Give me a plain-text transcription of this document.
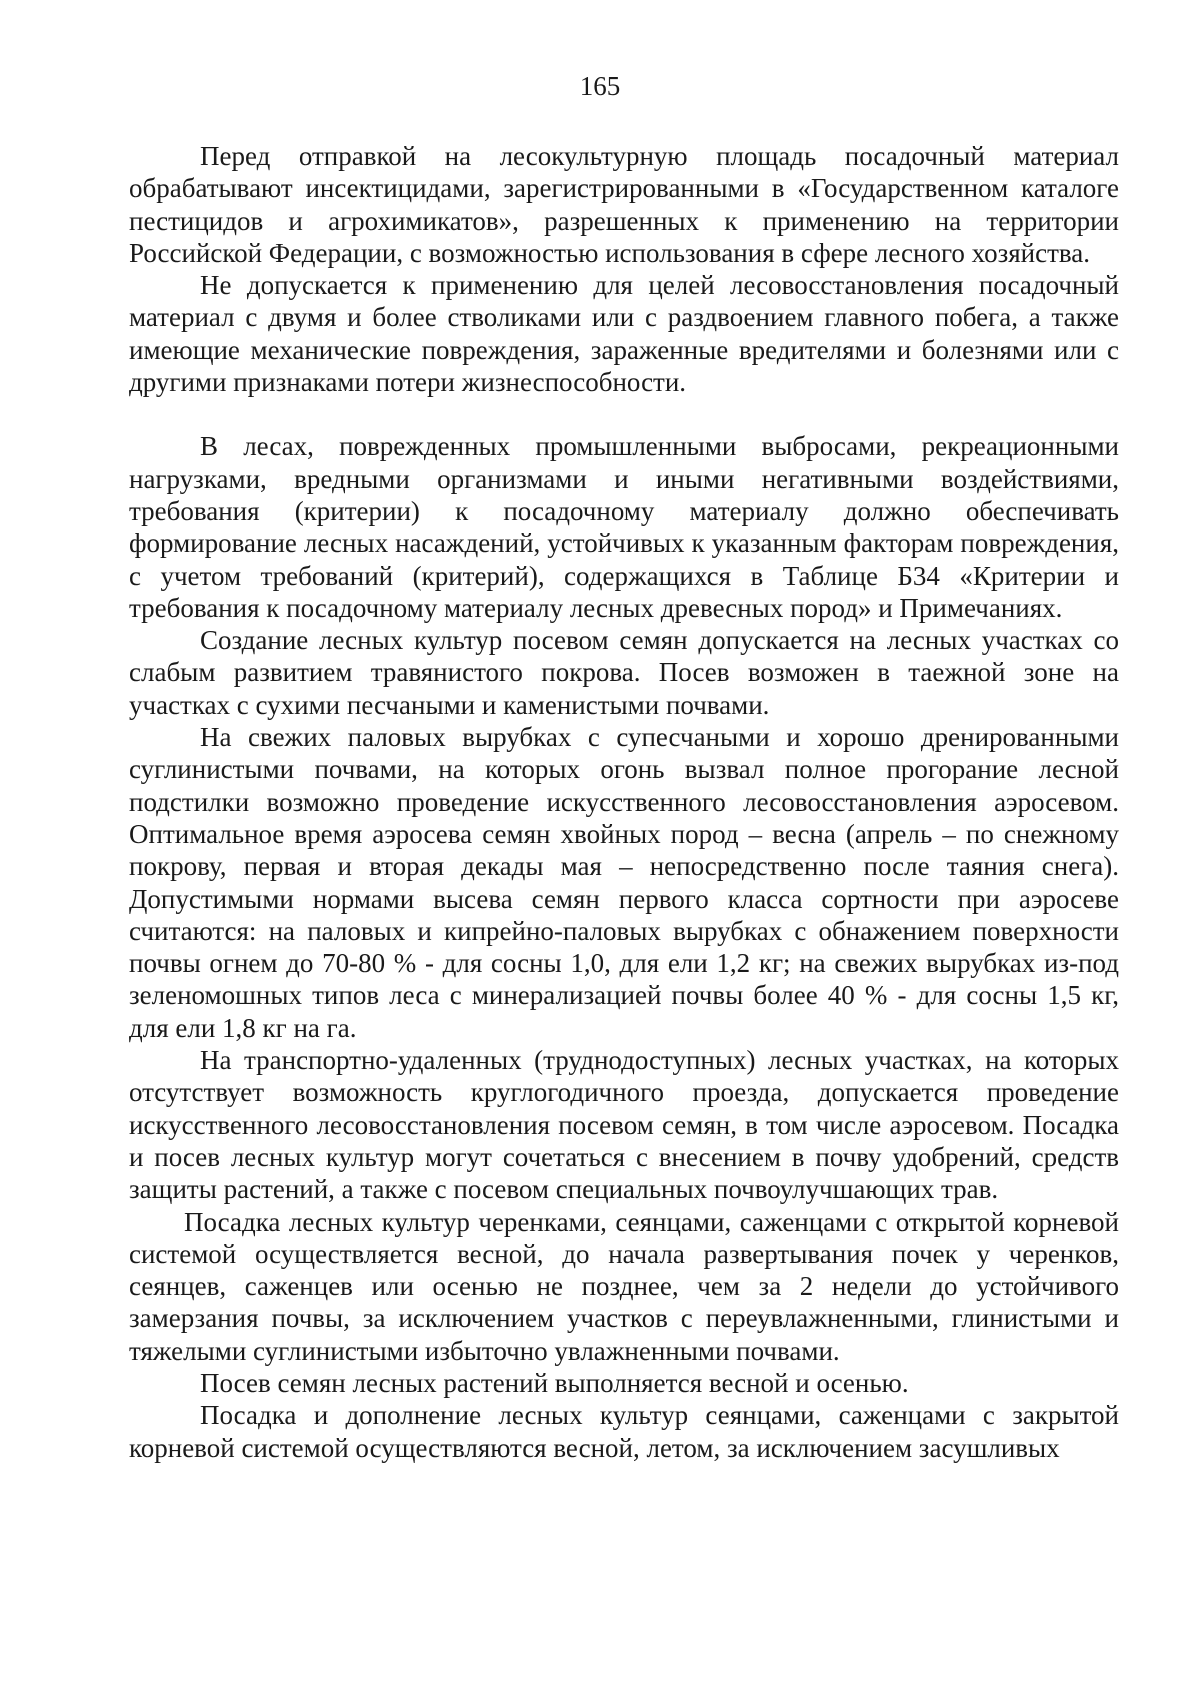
165

Перед отправкой на лесокультурную площадь посадочный материал обрабатывают инсектицидами, зарегистрированными в «Государственном каталоге пестицидов и агрохимикатов», разрешенных к применению на территории Российской Федерации, с возможностью использования в сфере лесного хозяйства.

Не допускается к применению для целей лесовосстановления посадочный материал с двумя и более стволиками или с раздвоением главного побега, а также имеющие механические повреждения, зараженные вредителями и болезнями или с другими признаками потери жизнеспособности.

В лесах, поврежденных промышленными выбросами, рекреационными нагрузками, вредными организмами и иными негативными воздействиями, требования (критерии) к посадочному материалу должно обеспечивать формирование лесных насаждений, устойчивых к указанным факторам повреждения, с учетом требований (критерий), содержащихся в Таблице Б34 «Критерии и требования к посадочному материалу лесных древесных пород» и Примечаниях.

Создание лесных культур посевом семян допускается на лесных участках со слабым развитием травянистого покрова. Посев возможен в таежной зоне на участках с сухими песчаными и каменистыми почвами.

На свежих паловых вырубках с супесчаными и хорошо дренированными суглинистыми почвами, на которых огонь вызвал полное прогорание лесной подстилки возможно проведение искусственного лесовосстановления аэросевом. Оптимальное время аэросева семян хвойных пород – весна (апрель – по снежному покрову, первая и вторая декады мая – непосредственно после таяния снега). Допустимыми нормами высева семян первого класса сортности при аэросеве считаются: на паловых и кипрейно-паловых вырубках с обнажением поверхности почвы огнем до 70-80 % - для сосны 1,0, для ели 1,2 кг; на свежих вырубках из-под зеленомошных типов леса с минерализацией почвы более 40 % - для сосны 1,5 кг, для ели 1,8 кг на га.

На транспортно-удаленных (труднодоступных) лесных участках, на которых отсутствует возможность круглогодичного проезда, допускается проведение искусственного лесовосстановления посевом семян, в том числе аэросевом. Посадка и посев лесных культур могут сочетаться с внесением в почву удобрений, средств защиты растений, а также с посевом специальных почвоулучшающих трав.

Посадка лесных культур черенками, сеянцами, саженцами с открытой корневой системой осуществляется весной, до начала развертывания почек у черенков, сеянцев, саженцев или осенью не позднее, чем за 2 недели до устойчивого замерзания почвы, за исключением участков с переувлажненными, глинистыми и тяжелыми суглинистыми избыточно увлажненными почвами.

Посев семян лесных растений выполняется весной и осенью.

Посадка и дополнение лесных культур сеянцами, саженцами с закрытой корневой системой осуществляются весной, летом, за исключением засушливых
